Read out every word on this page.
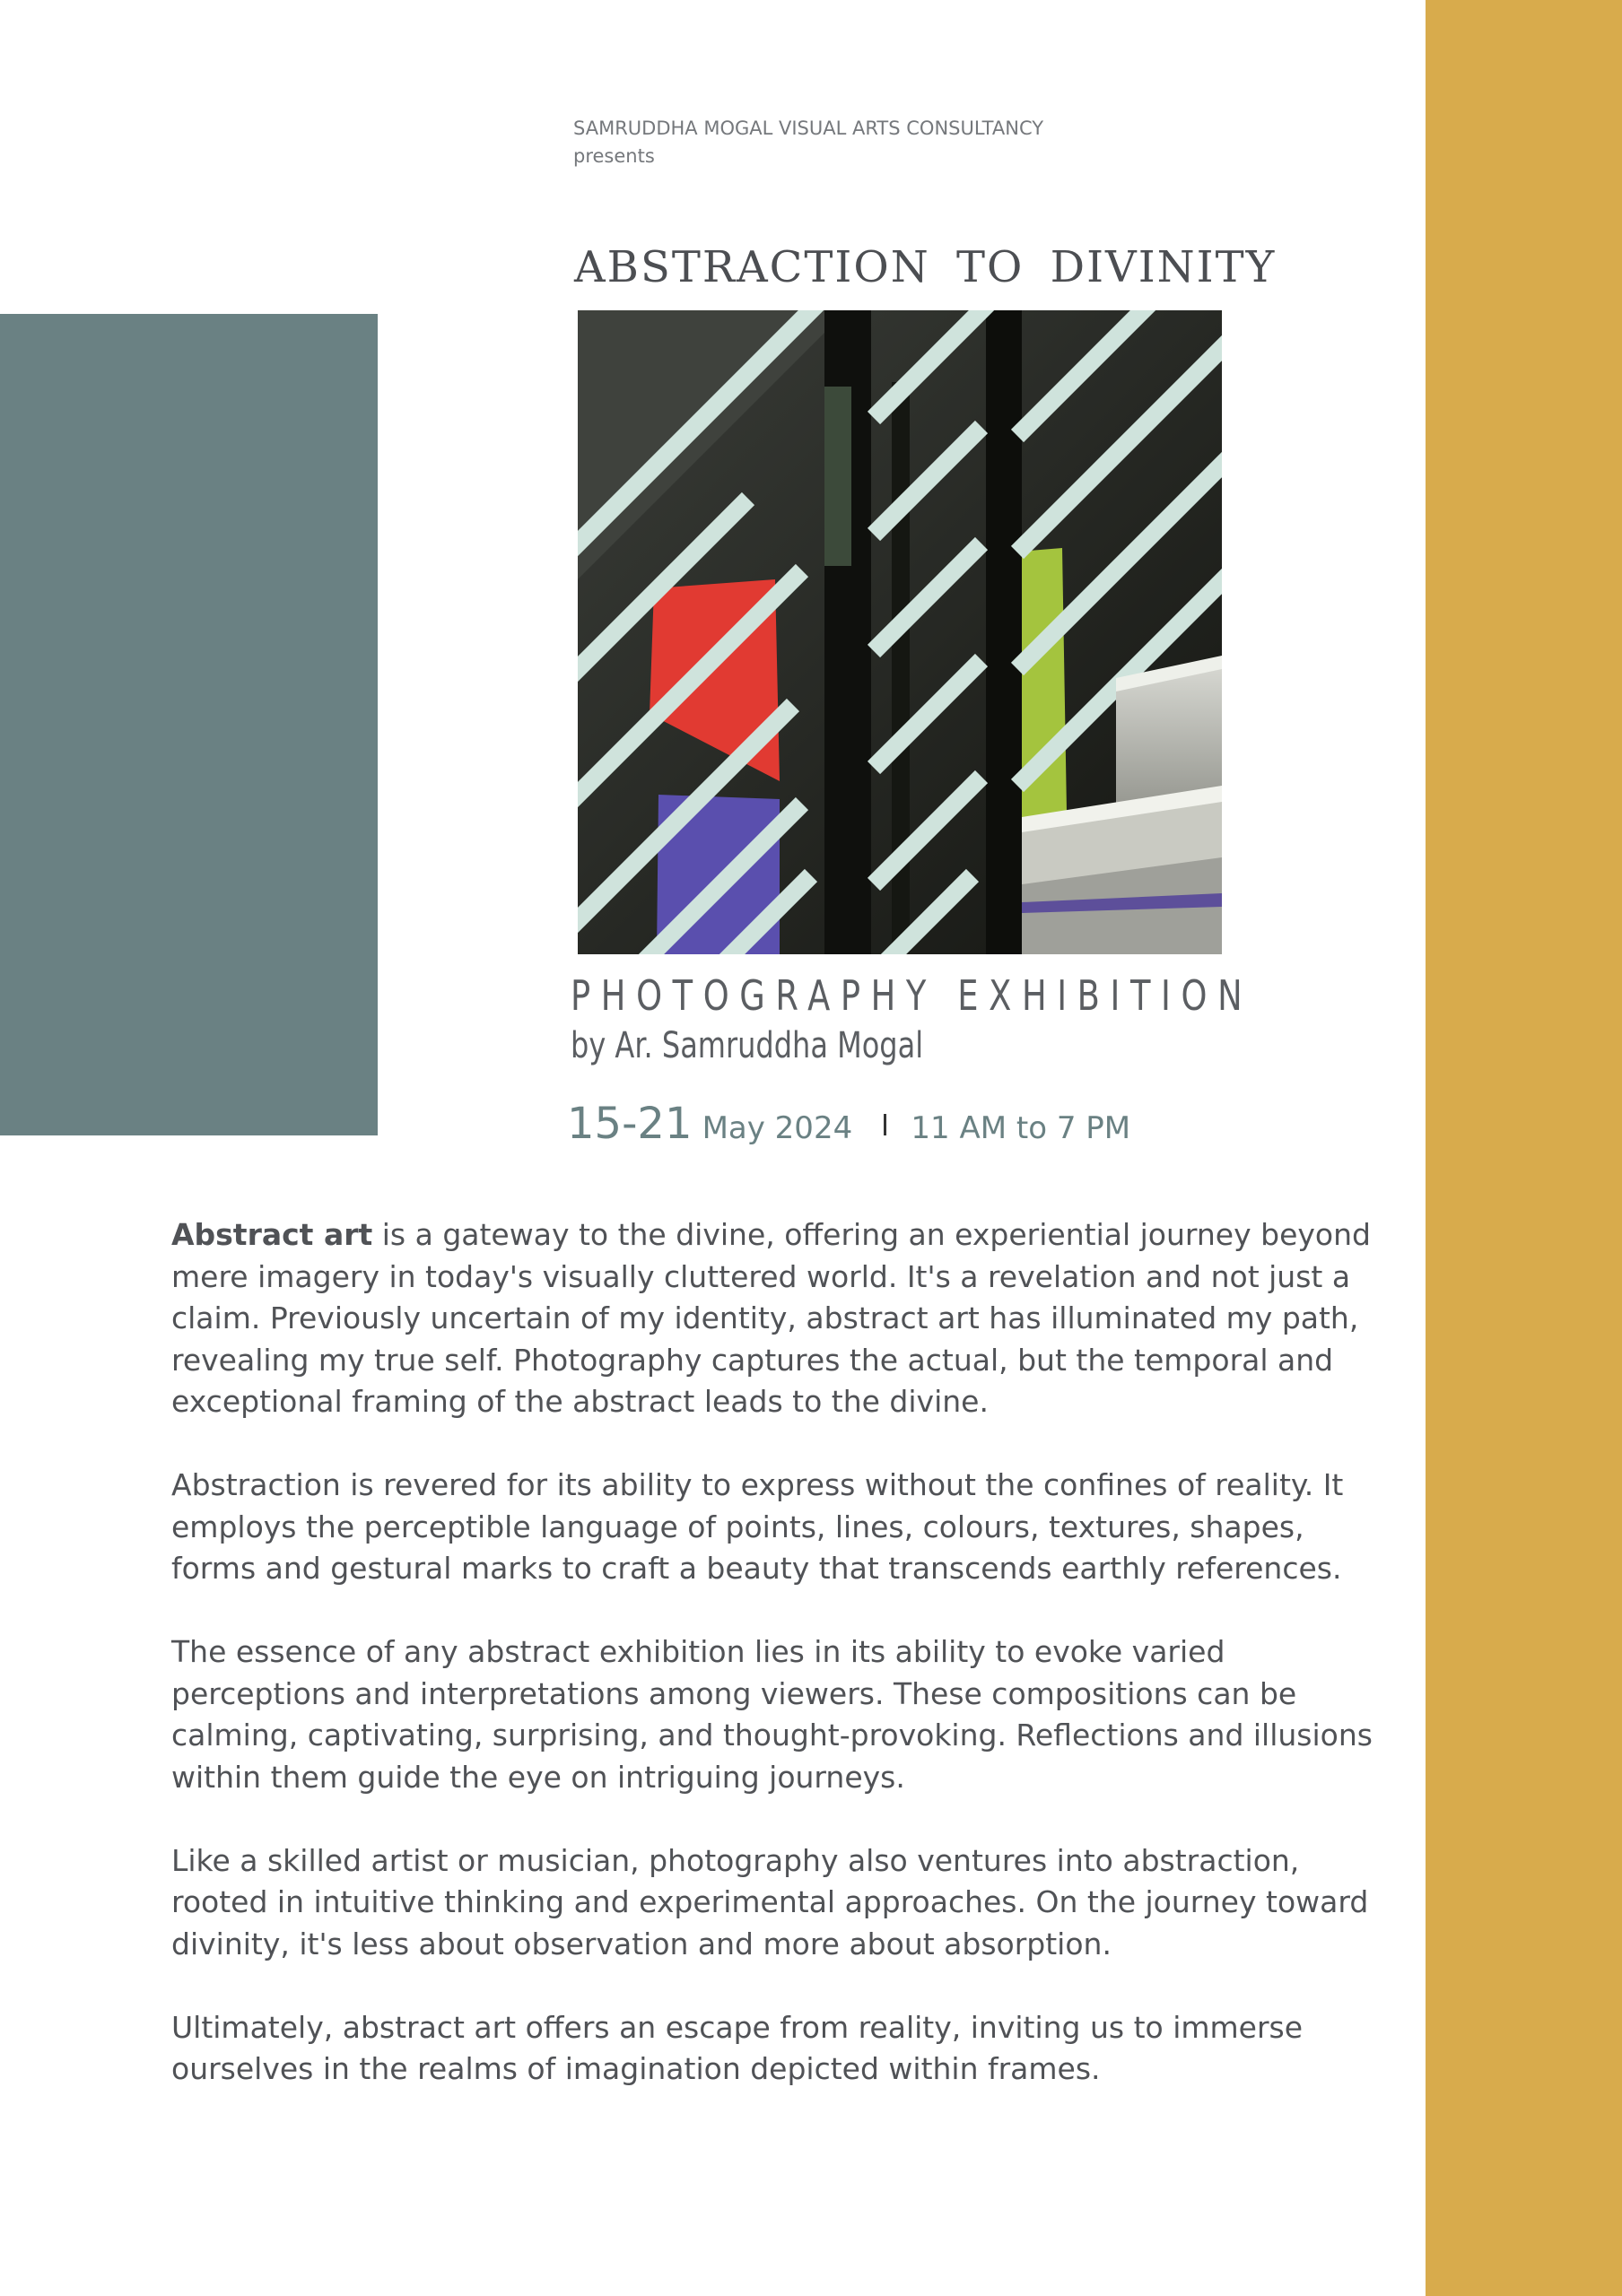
SAMRUDDHA MOGAL VISUAL ARTS CONSULTANCY
presents
ABSTRACTION TO DIVINITY
PHOTOGRAPHY EXHIBITION
by Ar. Samruddha Mogal
15-21 May 2024 11 AM to 7 PM

Abstract art is a gateway to the divine, offering an experiential journey beyond mere imagery in today's visually cluttered world. It's a revelation and not just a claim. Previously uncertain of my identity, abstract art has illuminated my path, revealing my true self. Photography captures the actual, but the temporal and exceptional framing of the abstract leads to the divine.

Abstraction is revered for its ability to express without the confines of reality. It employs the perceptible language of points, lines, colours, textures, shapes, forms and gestural marks to craft a beauty that transcends earthly references.

The essence of any abstract exhibition lies in its ability to evoke varied perceptions and interpretations among viewers. These compositions can be calming, captivating, surprising, and thought-provoking. Reflections and illusions within them guide the eye on intriguing journeys.

Like a skilled artist or musician, photography also ventures into abstraction, rooted in intuitive thinking and experimental approaches. On the journey toward divinity, it's less about observation and more about absorption.

Ultimately, abstract art offers an escape from reality, inviting us to immerse ourselves in the realms of imagination depicted within frames.
